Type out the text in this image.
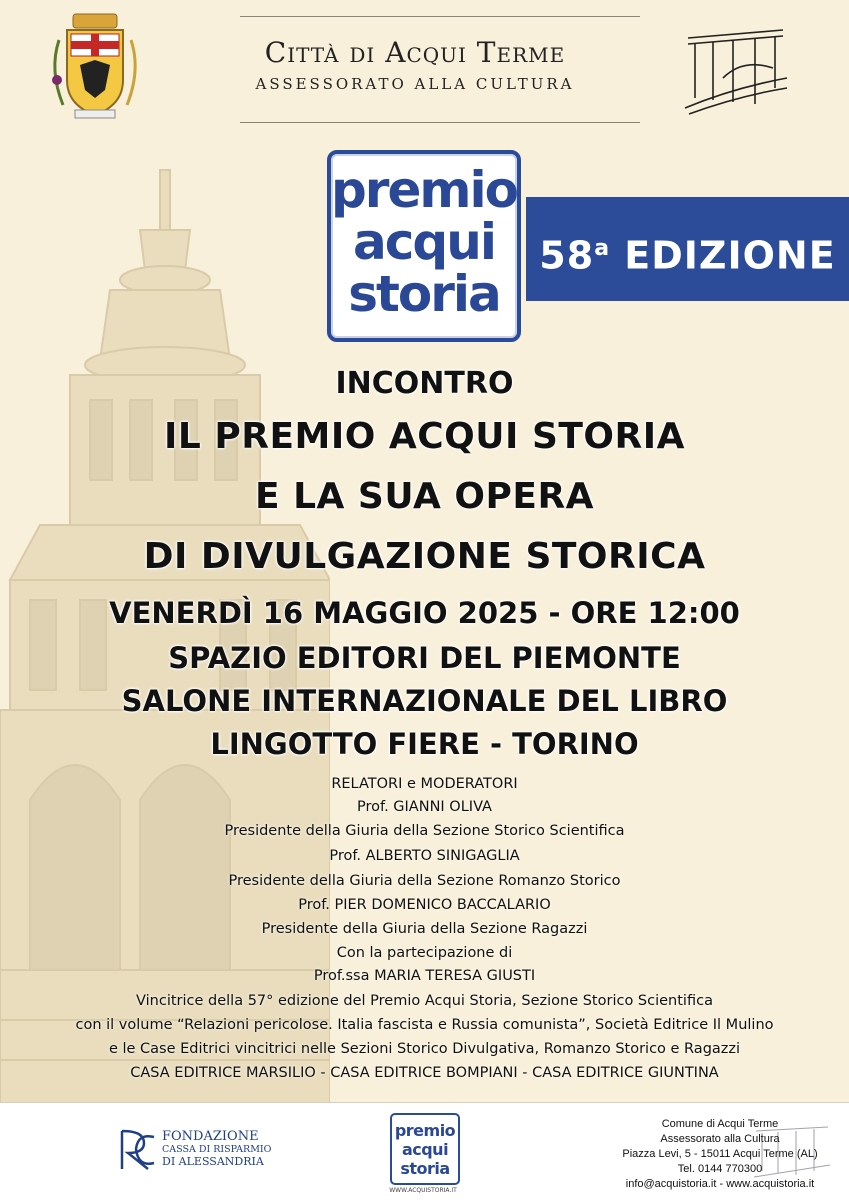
Città di Acqui Terme
ASSESSORATO ALLA CULTURA
premio
acqui
storia
58$^a$ EDIZIONE
INCONTRO
IL PREMIO ACQUI STORIA
E LA SUA OPERA
DI DIVULGAZIONE STORICA
VENERDÌ 16 MAGGIO 2025 - ORE 12:00
SPAZIO EDITORI DEL PIEMONTE
SALONE INTERNAZIONALE DEL LIBRO
LINGOTTO FIERE - TORINO
RELATORI e MODERATORI
Prof. GIANNI OLIVA
Presidente della Giuria della Sezione Storico Scientifica
Prof. ALBERTO SINIGAGLIA
Presidente della Giuria della Sezione Romanzo Storico
Prof. PIER DOMENICO BACCALARIO
Presidente della Giuria della Sezione Ragazzi
Con la partecipazione di
Prof.ssa MARIA TERESA GIUSTI
Vincitrice della 57° edizione del Premio Acqui Storia, Sezione Storico Scientifica
con il volume “Relazioni pericolose. Italia fascista e Russia comunista”, Società Editrice Il Mulino
e le Case Editrici vincitrici nelle Sezioni Storico Divulgativa, Romanzo Storico e Ragazzi
CASA EDITRICE MARSILIO - CASA EDITRICE BOMPIANI - CASA EDITRICE GIUNTINA
FONDAZIONE
CASSA DI RISPARMIO
DI ALESSANDRIA
premio
acqui
storia
WWW.ACQUISTORIA.IT
Comune di Acqui Terme
Assessorato alla Cultura
Piazza Levi, 5 - 15011 Acqui Terme (AL)
Tel. 0144 770300
info@acquistoria.it - www.acquistoria.it
